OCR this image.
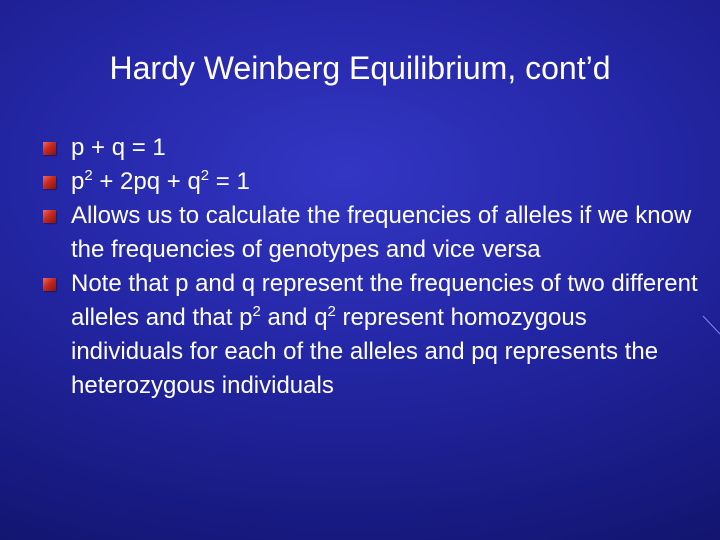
Hardy Weinberg Equilibrium, cont’d
p + q = 1
$p^2 + 2pq + q^2 = 1$
Allows us to calculate the frequencies of alleles if we know the frequencies of genotypes and vice versa
Note that p and q represent the frequencies of two different alleles and that $p^2$ and $q^2$ represent homozygous individuals for each of the alleles and pq represents the heterozygous individuals
